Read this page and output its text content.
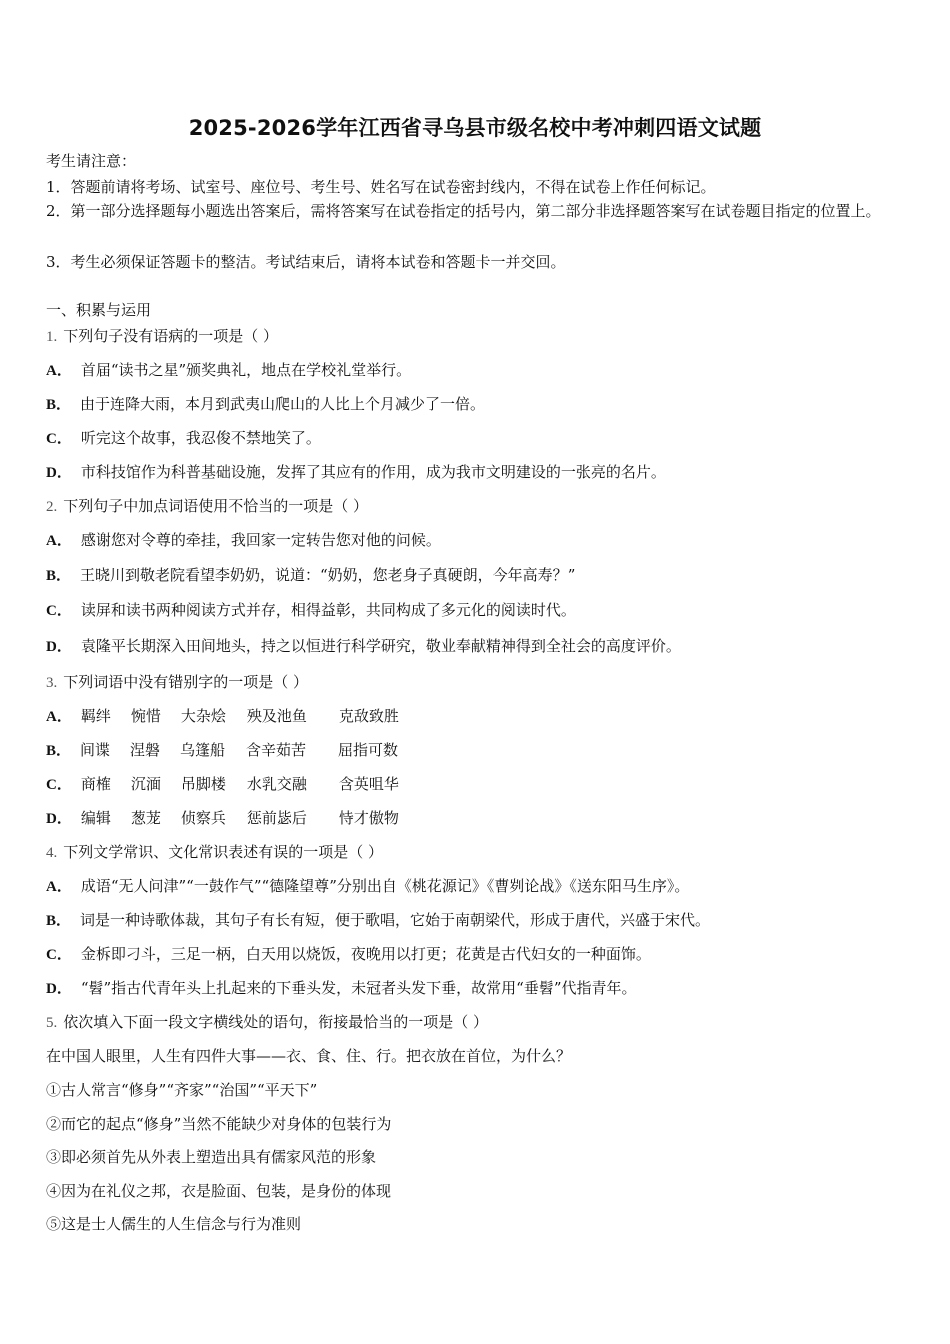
2025-2026学年江西省寻乌县市级名校中考冲刺四语文试题
考生请注意：
1．答题前请将考场、试室号、座位号、考生号、姓名写在试卷密封线内，不得在试卷上作任何标记。
2．第一部分选择题每小题选出答案后，需将答案写在试卷指定的括号内，第二部分非选择题答案写在试卷题目指定的位置上。
3．考生必须保证答题卡的整洁。考试结束后，请将本试卷和答题卡一并交回。
一、积累与运用
1. 下列句子没有语病的一项是（ ）
A． 首届“读书之星”颁奖典礼，地点在学校礼堂举行。
B． 由于连降大雨，本月到武夷山爬山的人比上个月减少了一倍。
C． 听完这个故事，我忍俊不禁地笑了。
D． 市科技馆作为科普基础设施，发挥了其应有的作用，成为我市文明建设的一张亮的名片。
2. 下列句子中加点词语使用不恰当的一项是（ ）
A． 感谢您对令尊的牵挂，我回家一定转告您对他的问候。
B． 王晓川到敬老院看望李奶奶，说道：“奶奶，您老身子真硬朗，今年高寿？”
C． 读屏和读书两种阅读方式并存，相得益彰，共同构成了多元化的阅读时代。
D． 袁隆平长期深入田间地头，持之以恒进行科学研究，敬业奉献精神得到全社会的高度评价。
3. 下列词语中没有错别字的一项是（ ）
A． 羁绊 惋惜 大杂烩 殃及池鱼 克敌致胜
B． 间谍 涅磐 乌篷船 含辛茹苦 屈指可数
C． 商榷 沉湎 吊脚楼 水乳交融 含英咀华
D． 编辑 葱茏 侦察兵 惩前毖后 恃才傲物
4. 下列文学常识、文化常识表述有误的一项是（ ）
A． 成语“无人问津”“一鼓作气”“德隆望尊”分别出自《桃花源记》《曹刿论战》《送东阳马生序》。
B． 词是一种诗歌体裁，其句子有长有短，便于歌唱，它始于南朝梁代，形成于唐代，兴盛于宋代。
C． 金柝即刁斗，三足一柄，白天用以烧饭，夜晚用以打更；花黄是古代妇女的一种面饰。
D． “髫”指古代青年头上扎起来的下垂头发，未冠者头发下垂，故常用“垂髫”代指青年。
5. 依次填入下面一段文字横线处的语句，衔接最恰当的一项是（ ）
在中国人眼里，人生有四件大事——衣、食、住、行。把衣放在首位，为什么？
①古人常言“修身”“齐家”“治国”“平天下”
②而它的起点“修身”当然不能缺少对身体的包装行为
③即必须首先从外表上塑造出具有儒家风范的形象
④因为在礼仪之邦，衣是脸面、包装，是身份的体现
⑤这是士人儒生的人生信念与行为准则
